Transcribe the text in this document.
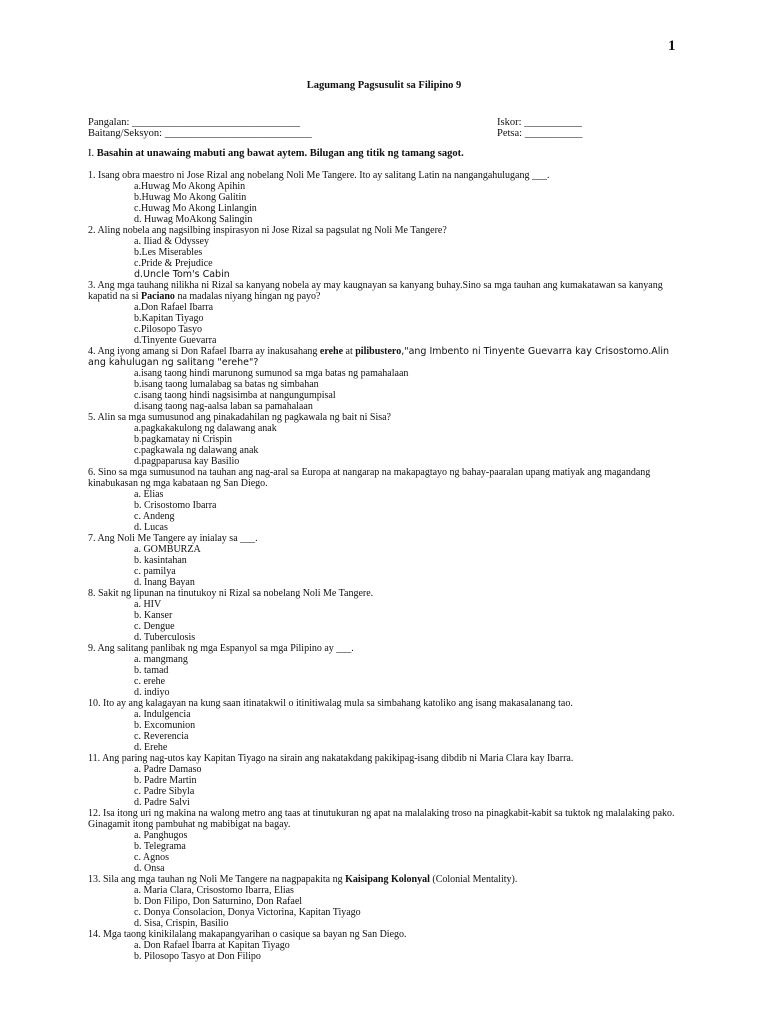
1
Lagumang Pagsusulit sa Filipino 9
Pangalan: ________________________________
Baitang/Seksyon: ____________________________
Iskor: ___________
Petsa: ___________
I. Basahin at unawaing mabuti ang bawat aytem. Bilugan ang titik ng tamang sagot.
1. Isang obra maestro ni Jose Rizal ang nobelang Noli Me Tangere. Ito ay salitang Latin na nangangahulugang ___.
a.Huwag Mo Akong Apihin
b.Huwag Mo Akong Galitin
c.Huwag Mo Akong Linlangin
d. Huwag MoAkong Salingin
2. Aling nobela ang nagsilbing inspirasyon ni Jose Rizal sa pagsulat ng Noli Me Tangere?
a. Iliad & Odyssey
b.Les Miserables
c.Pride & Prejudice
d.Uncle Tom's Cabin
3. Ang mga tauhang nilikha ni Rizal sa kanyang nobela ay may kaugnayan sa kanyang buhay.Sino sa mga tauhan ang kumakatawan sa kanyang kapatid na si Paciano na madalas niyang hingan ng payo?
a.Don Rafael Ibarra
b.Kapitan Tiyago
c.Pilosopo Tasyo
d.Tinyente Guevarra
4. Ang iyong amang si Don Rafael Ibarra ay inakusahang erehe at pilibustero,"ang Imbento ni Tinyente Guevarra kay Crisostomo.Alin ang kahulugan ng salitang "erehe"?
a.isang taong hindi marunong sumunod sa mga batas ng pamahalaan
b.isang taong lumalabag sa batas ng simbahan
c.isang taong hindi nagsisimba at nangungumpisal
d.isang taong nag-aalsa laban sa pamahalaan
5. Alin sa mga sumusunod ang pinakadahilan ng pagkawala ng bait ni Sisa?
a.pagkakakulong ng dalawang anak
b.pagkamatay ni Crispin
c.pagkawala ng dalawang anak
d.pagpaparusa kay Basilio
6. Sino sa mga sumusunod na tauhan ang nag-aral sa Europa at nangarap na makapagtayo ng bahay-paaralan upang matiyak ang magandang kinabukasan ng mga kabataan ng San Diego.
a. Elias
b. Crisostomo Ibarra
c. Andeng
d. Lucas
7. Ang Noli Me Tangere ay inialay sa ___.
a. GOMBURZA
b. kasintahan
c. pamilya
d. Inang Bayan
8. Sakit ng lipunan na tinutukoy ni Rizal sa nobelang Noli Me Tangere.
a. HIV
b. Kanser
c. Dengue
d. Tuberculosis
9. Ang salitang panlibak ng mga Espanyol sa mga Pilipino ay ___.
a. mangmang
b. tamad
c. erehe
d. indiyo
10. Ito ay ang kalagayan na kung saan itinatakwil o itinitiwalag mula sa simbahang katoliko ang isang makasalanang tao.
a. Indulgencia
b. Excomunion
c. Reverencia
d. Erehe
11. Ang paring nag-utos kay Kapitan Tiyago na sirain ang nakatakdang pakikipag-isang dibdib ni Maria Clara kay Ibarra.
a. Padre Damaso
b. Padre Martin
c. Padre Sibyla
d. Padre Salvi
12. Isa itong uri ng makina na walong metro ang taas at tinutukuran ng apat na malalaking troso na pinagkabit-kabit sa tuktok ng malalaking pako. Ginagamit itong pambuhat ng mabibigat na bagay.
a. Panghugos
b. Telegrama
c. Agnos
d. Onsa
13. Sila ang mga tauhan ng Noli Me Tangere na nagpapakita ng Kaisipang Kolonyal (Colonial Mentality).
a. Maria Clara, Crisostomo Ibarra, Elias
b. Don Filipo, Don Saturnino, Don Rafael
c. Donya Consolacion, Donya Victorina, Kapitan Tiyago
d. Sisa, Crispin, Basilio
14. Mga taong kinikilalang makapangyarihan o casique sa bayan ng San Diego.
a. Don Rafael Ibarra at Kapitan Tiyago
b. Pilosopo Tasyo at Don Filipo
